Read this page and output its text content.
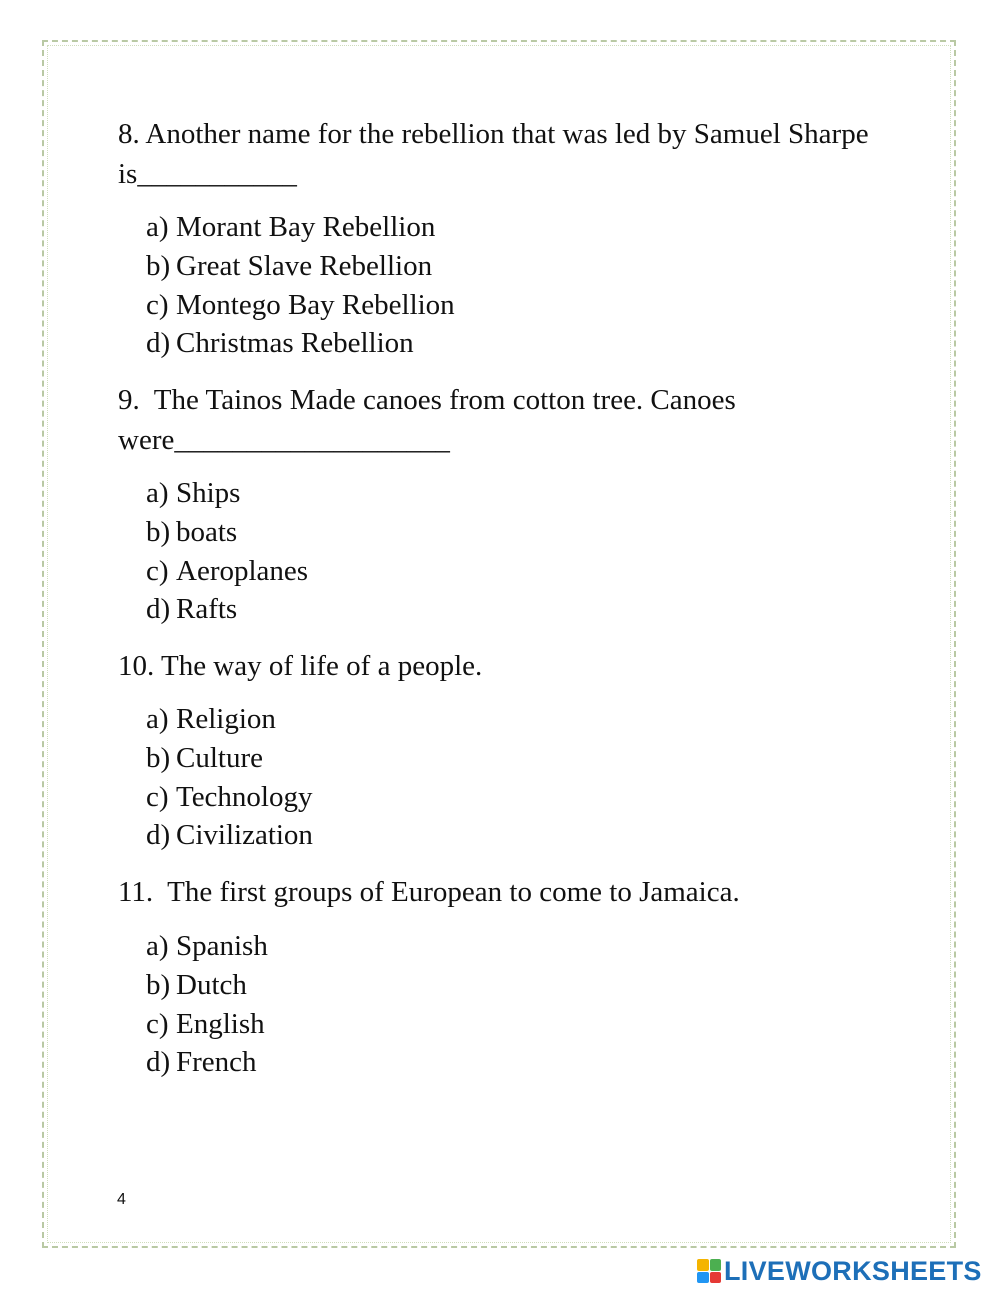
8. Another name for the rebellion that was led by Samuel Sharpe
is___________
a) Morant Bay Rebellion
b) Great Slave Rebellion
c) Montego Bay Rebellion
d) Christmas Rebellion
9.  The Tainos Made canoes from cotton tree. Canoes
were___________________
a) Ships
b) boats
c) Aeroplanes
d) Rafts
10. The way of life of a people.
a) Religion
b) Culture
c) Technology
d) Civilization
11.  The first groups of European to come to Jamaica.
a) Spanish
b) Dutch
c) English
d) French
4
LIVEWORKSHEETS
